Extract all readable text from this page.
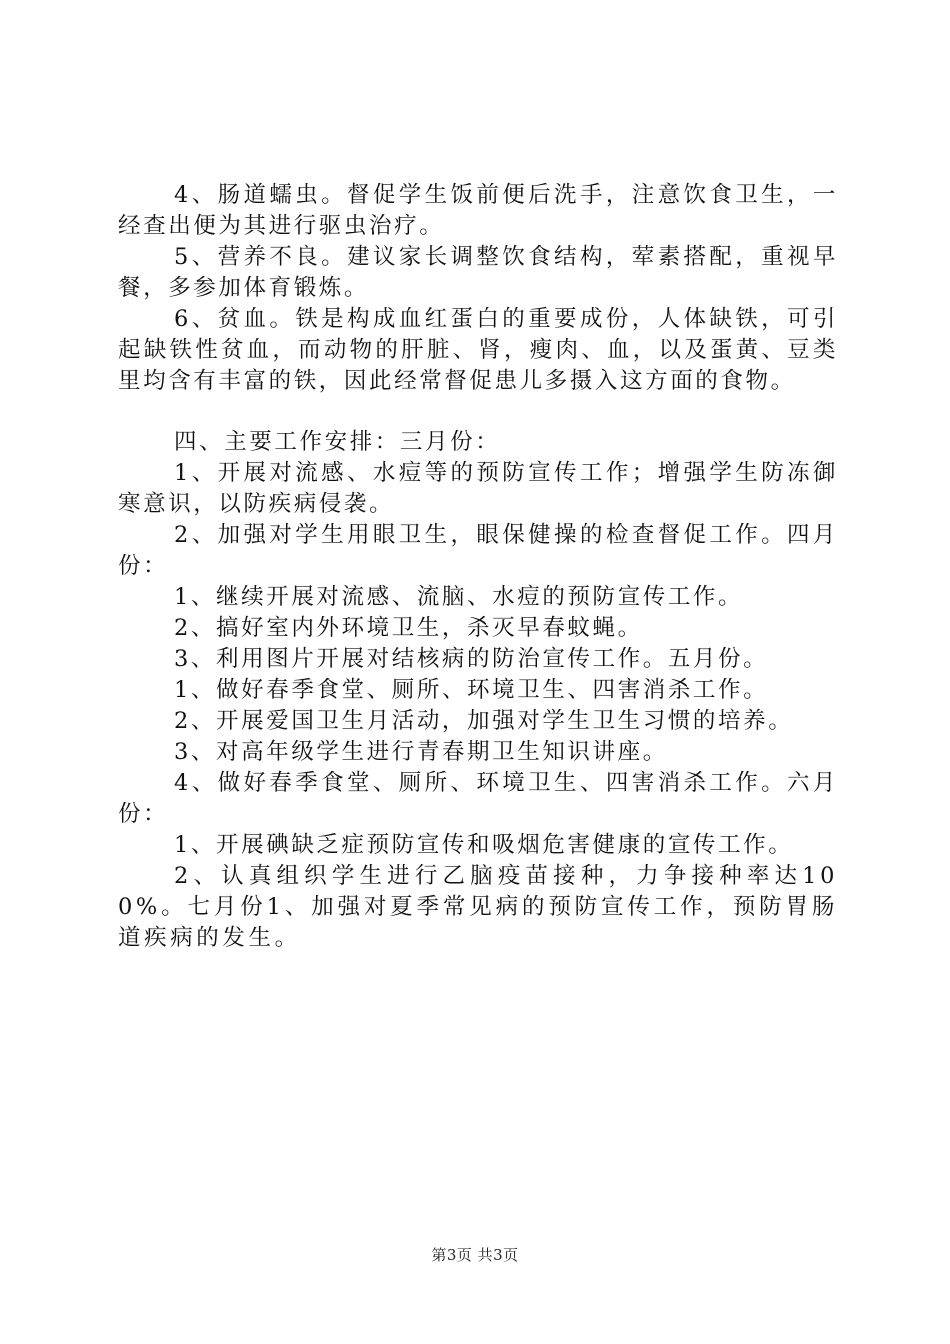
4、肠道蠕虫。督促学生饭前便后洗手，注意饮食卫生，一经查出便为其进行驱虫治疗。

5、营养不良。建议家长调整饮食结构，荤素搭配，重视早餐，多参加体育锻炼。

6、贫血。铁是构成血红蛋白的重要成份，人体缺铁，可引起缺铁性贫血，而动物的肝脏、肾，瘦肉、血，以及蛋黄、豆类里均含有丰富的铁，因此经常督促患儿多摄入这方面的食物。

四、主要工作安排：三月份：

1、开展对流感、水痘等的预防宣传工作；增强学生防冻御寒意识，以防疾病侵袭。

2、加强对学生用眼卫生，眼保健操的检查督促工作。四月份：

1、继续开展对流感、流脑、水痘的预防宣传工作。

2、搞好室内外环境卫生，杀灭早春蚊蝇。

3、利用图片开展对结核病的防治宣传工作。五月份。

1、做好春季食堂、厕所、环境卫生、四害消杀工作。

2、开展爱国卫生月活动，加强对学生卫生习惯的培养。

3、对高年级学生进行青春期卫生知识讲座。

4、做好春季食堂、厕所、环境卫生、四害消杀工作。六月份：

1、开展碘缺乏症预防宣传和吸烟危害健康的宣传工作。

2、认真组织学生进行乙脑疫苗接种，力争接种率达100%。七月份1、加强对夏季常见病的预防宣传工作，预防胃肠道疾病的发生。

第3页 共3页
